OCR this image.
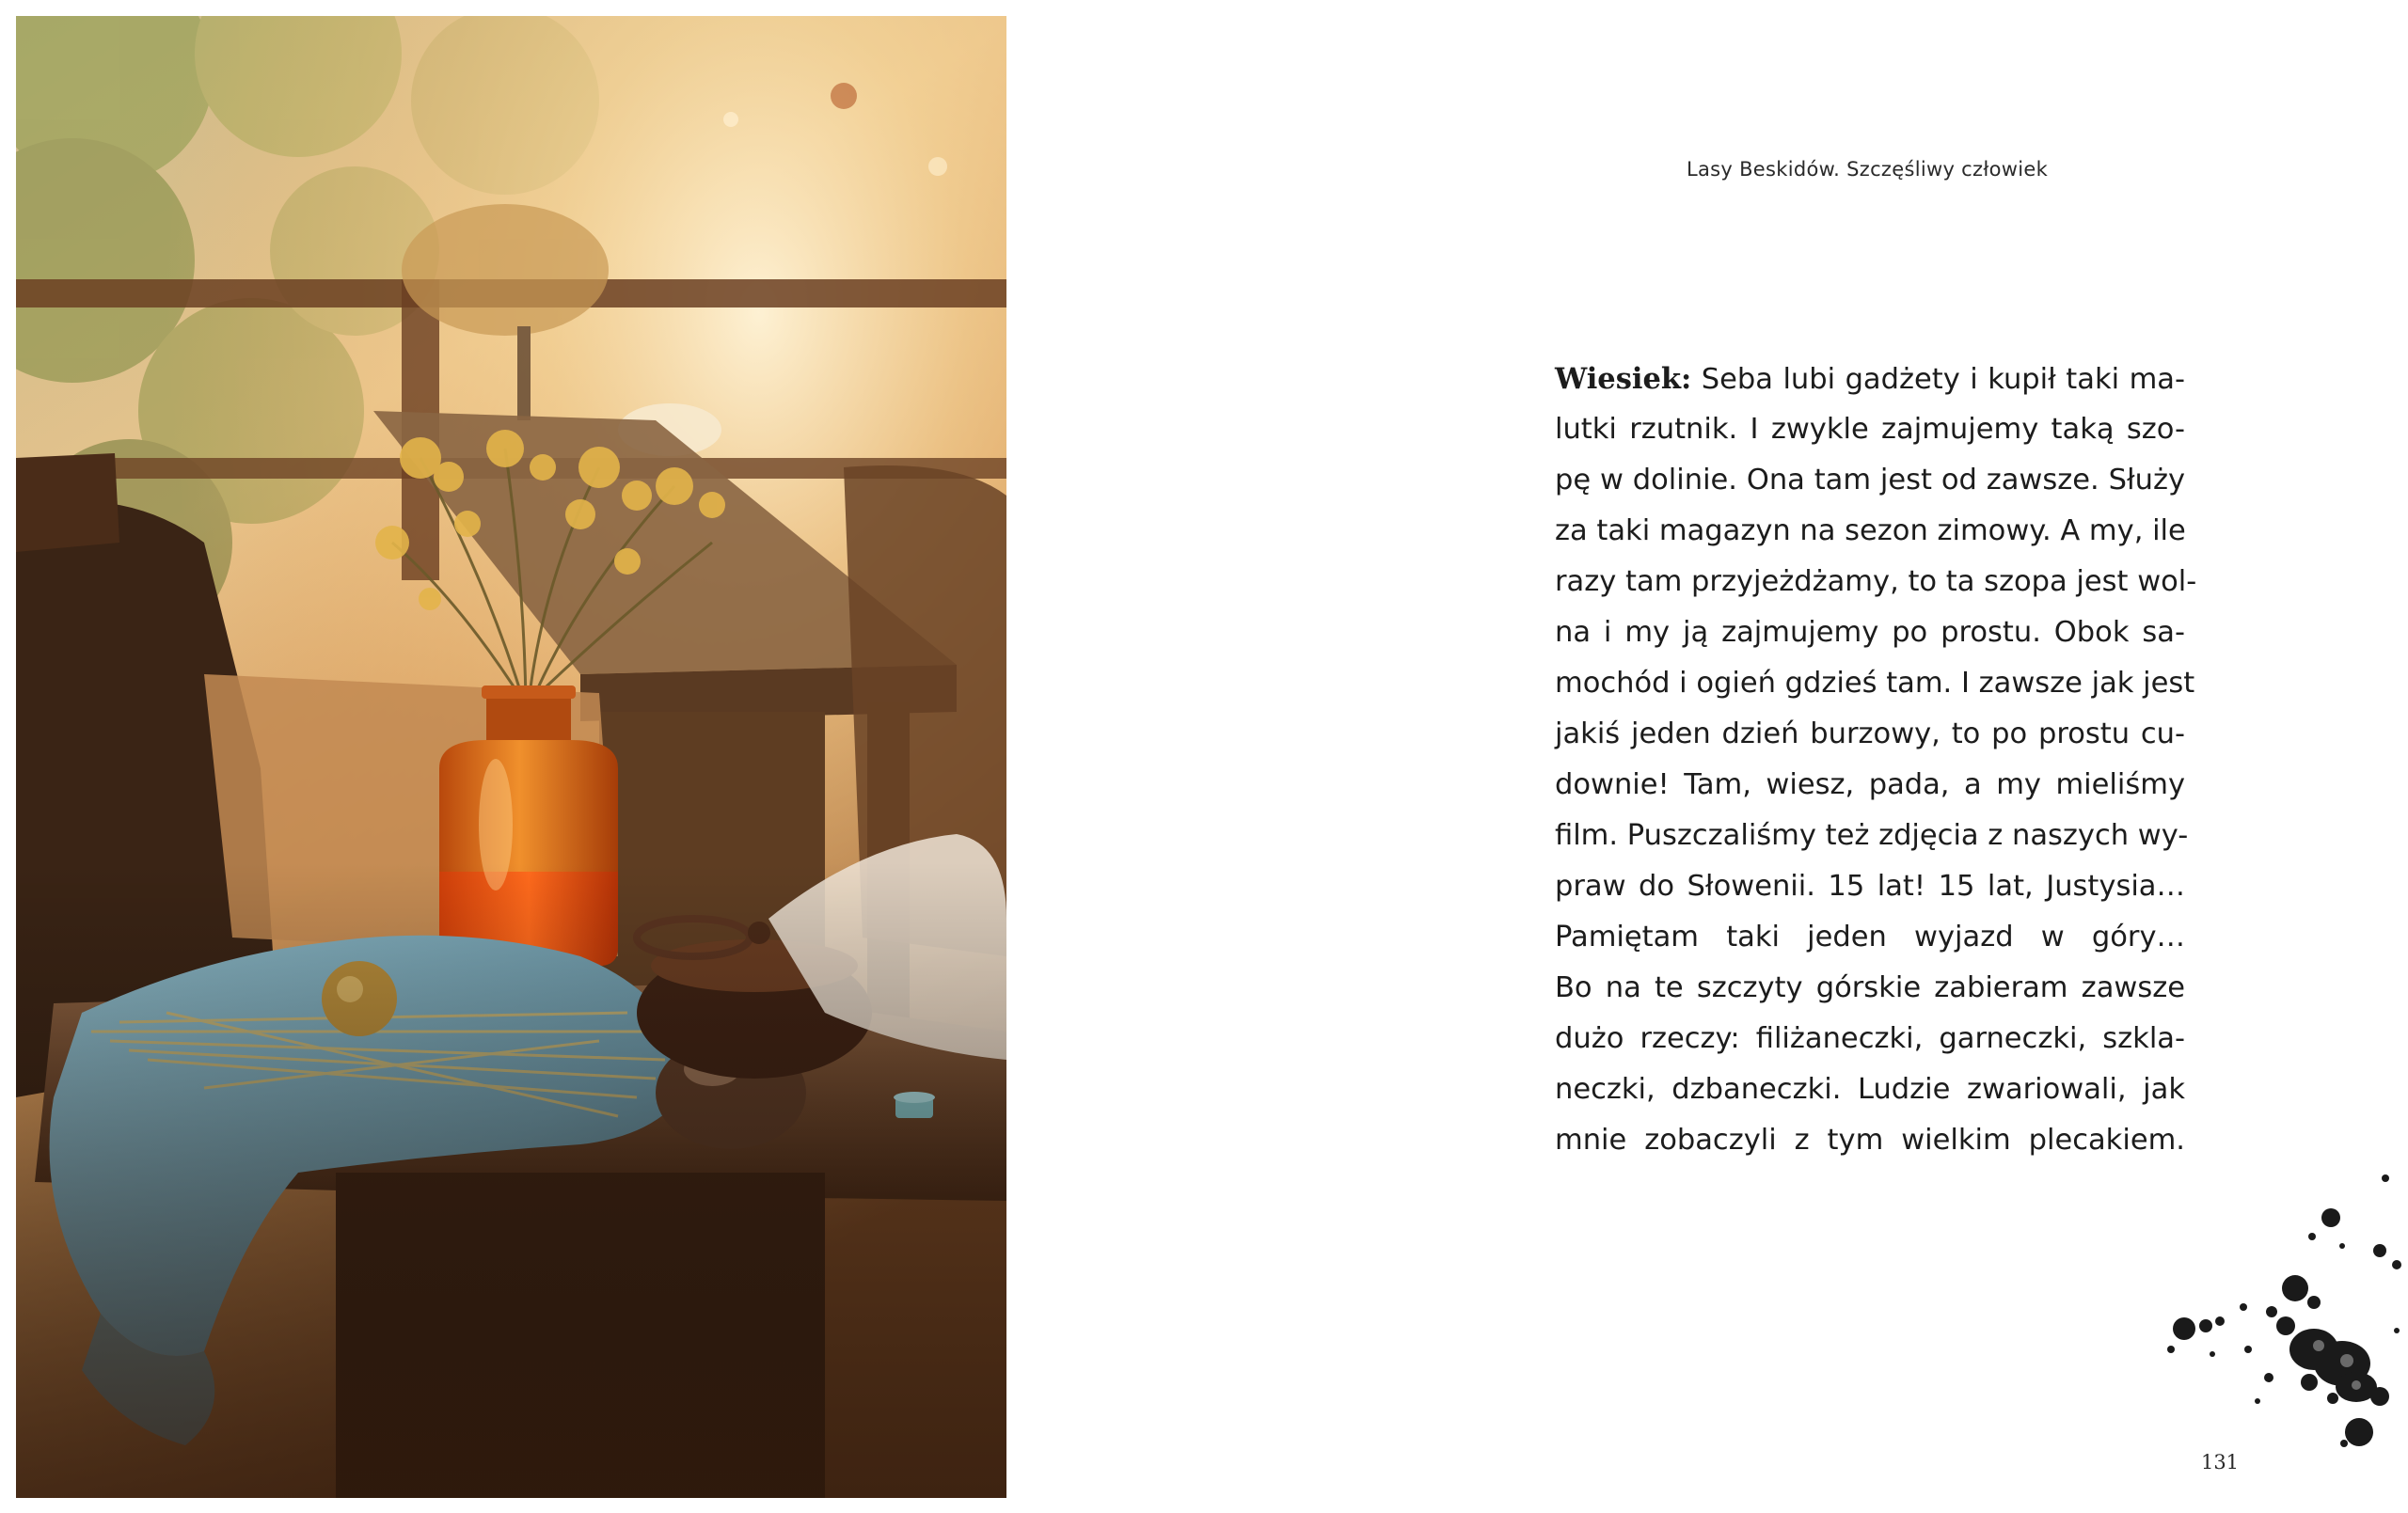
Lasy Beskidów. Szczęśliwy człowiek
Wiesiek: Seba lubi gadżety i kupił taki ma-
lutki rzutnik. I zwykle zajmujemy taką szo-
pę w dolinie. Ona tam jest od zawsze. Służy
za taki magazyn na sezon zimowy. A my, ile
razy tam przyjeżdżamy, to ta szopa jest wol-
na i my ją zajmujemy po prostu. Obok sa-
mochód i ogień gdzieś tam. I zawsze jak jest
jakiś jeden dzień burzowy, to po prostu cu-
downie! Tam, wiesz, pada, a my mieliśmy
film. Puszczaliśmy też zdjęcia z naszych wy-
praw do Słowenii. 15 lat! 15 lat, Justysia…
Pamiętam taki jeden wyjazd w góry…
Bo na te szczyty górskie zabieram zawsze
dużo rzeczy: filiżaneczki, garneczki, szkla-
neczki, dzbaneczki. Ludzie zwariowali, jak
mnie zobaczyli z tym wielkim plecakiem.
131
